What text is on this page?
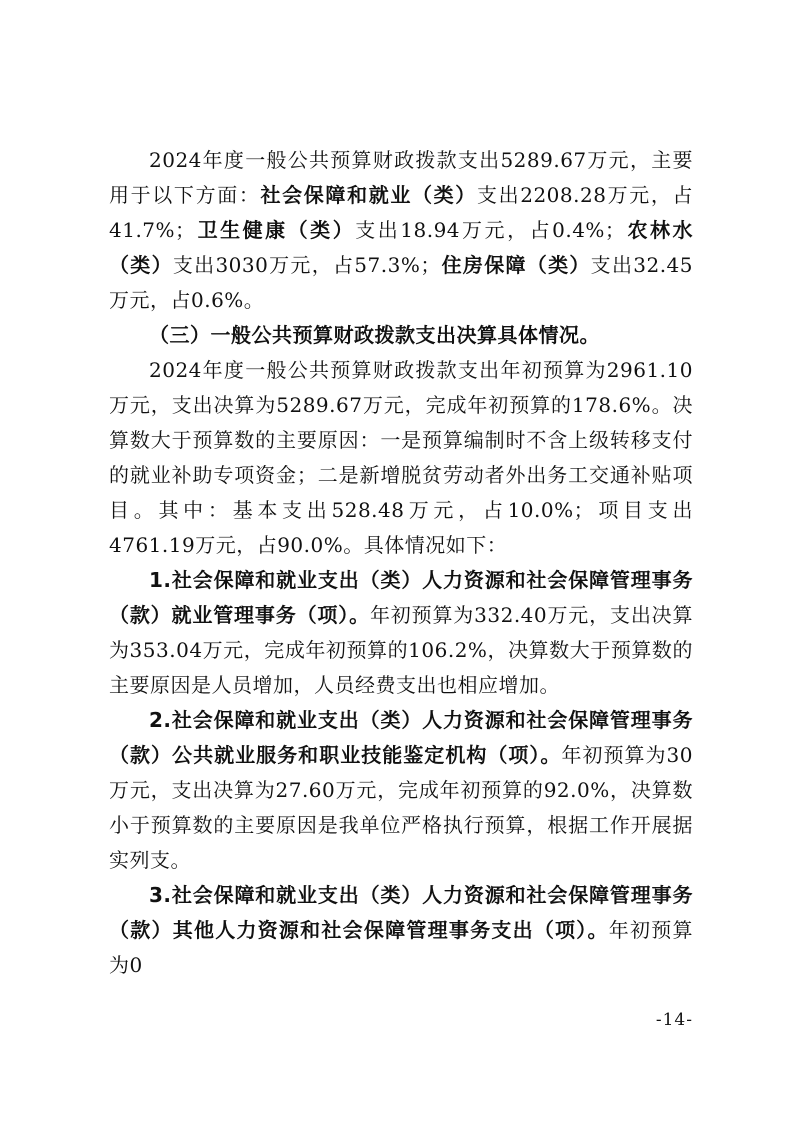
2024年度一般公共预算财政拨款支出5289.67万元，主要用于以下方面：社会保障和就业（类）支出2208.28万元，占41.7%；卫生健康（类）支出18.94万元，占0.4%；农林水（类）支出3030万元，占57.3%；住房保障（类）支出32.45万元，占0.6%。

（三）一般公共预算财政拨款支出决算具体情况。

2024年度一般公共预算财政拨款支出年初预算为2961.10万元，支出决算为5289.67万元，完成年初预算的178.6%。决算数大于预算数的主要原因：一是预算编制时不含上级转移支付的就业补助专项资金；二是新增脱贫劳动者外出务工交通补贴项目。其中：基本支出528.48万元，占10.0%；项目支出4761.19万元，占90.0%。具体情况如下：

1.社会保障和就业支出（类）人力资源和社会保障管理事务（款）就业管理事务（项）。年初预算为332.40万元，支出决算为353.04万元，完成年初预算的106.2%，决算数大于预算数的主要原因是人员增加，人员经费支出也相应增加。

2.社会保障和就业支出（类）人力资源和社会保障管理事务（款）公共就业服务和职业技能鉴定机构（项）。年初预算为30万元，支出决算为27.60万元，完成年初预算的92.0%，决算数小于预算数的主要原因是我单位严格执行预算，根据工作开展据实列支。

3.社会保障和就业支出（类）人力资源和社会保障管理事务（款）其他人力资源和社会保障管理事务支出（项）。年初预算为0

-14-
